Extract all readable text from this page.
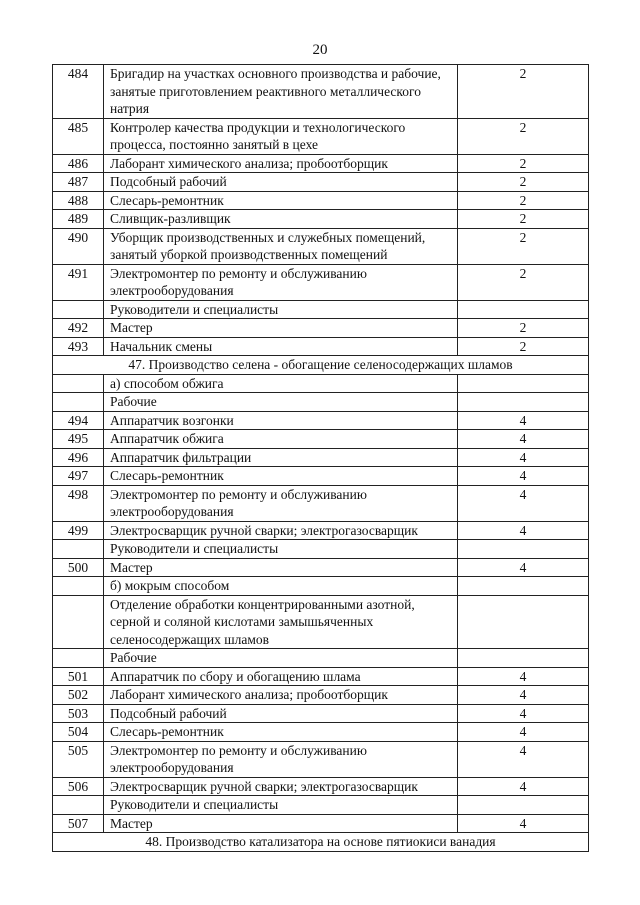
20
484	Бригадир на участках основного производства и рабочие, занятые приготовлением реактивного металлического натрия	2
485	Контролер качества продукции и технологического процесса, постоянно занятый в цехе	2
486	Лаборант химического анализа; пробоотборщик	2
487	Подсобный рабочий	2
488	Слесарь-ремонтник	2
489	Сливщик-разливщик	2
490	Уборщик производственных и служебных помещений, занятый уборкой производственных помещений	2
491	Электромонтер по ремонту и обслуживанию электрооборудования	2
	Руководители и специалисты	
492	Мастер	2
493	Начальник смены	2
47. Производство селена - обогащение селеносодержащих шламов		
	а) способом обжига	
	Рабочие	
494	Аппаратчик возгонки	4
495	Аппаратчик обжига	4
496	Аппаратчик фильтрации	4
497	Слесарь-ремонтник	4
498	Электромонтер по ремонту и обслуживанию электрооборудования	4
499	Электросварщик ручной сварки; электрогазосварщик	4
	Руководители и специалисты	
500	Мастер	4
	б) мокрым способом	
	Отделение обработки концентрированными азотной, серной и соляной кислотами замышьяченных селеносодержащих шламов	
	Рабочие	
501	Аппаратчик по сбору и обогащению шлама	4
502	Лаборант химического анализа; пробоотборщик	4
503	Подсобный рабочий	4
504	Слесарь-ремонтник	4
505	Электромонтер по ремонту и обслуживанию электрооборудования	4
506	Электросварщик ручной сварки; электрогазосварщик	4
	Руководители и специалисты	
507	Мастер	4
48. Производство катализатора на основе пятиокиси ванадия		
